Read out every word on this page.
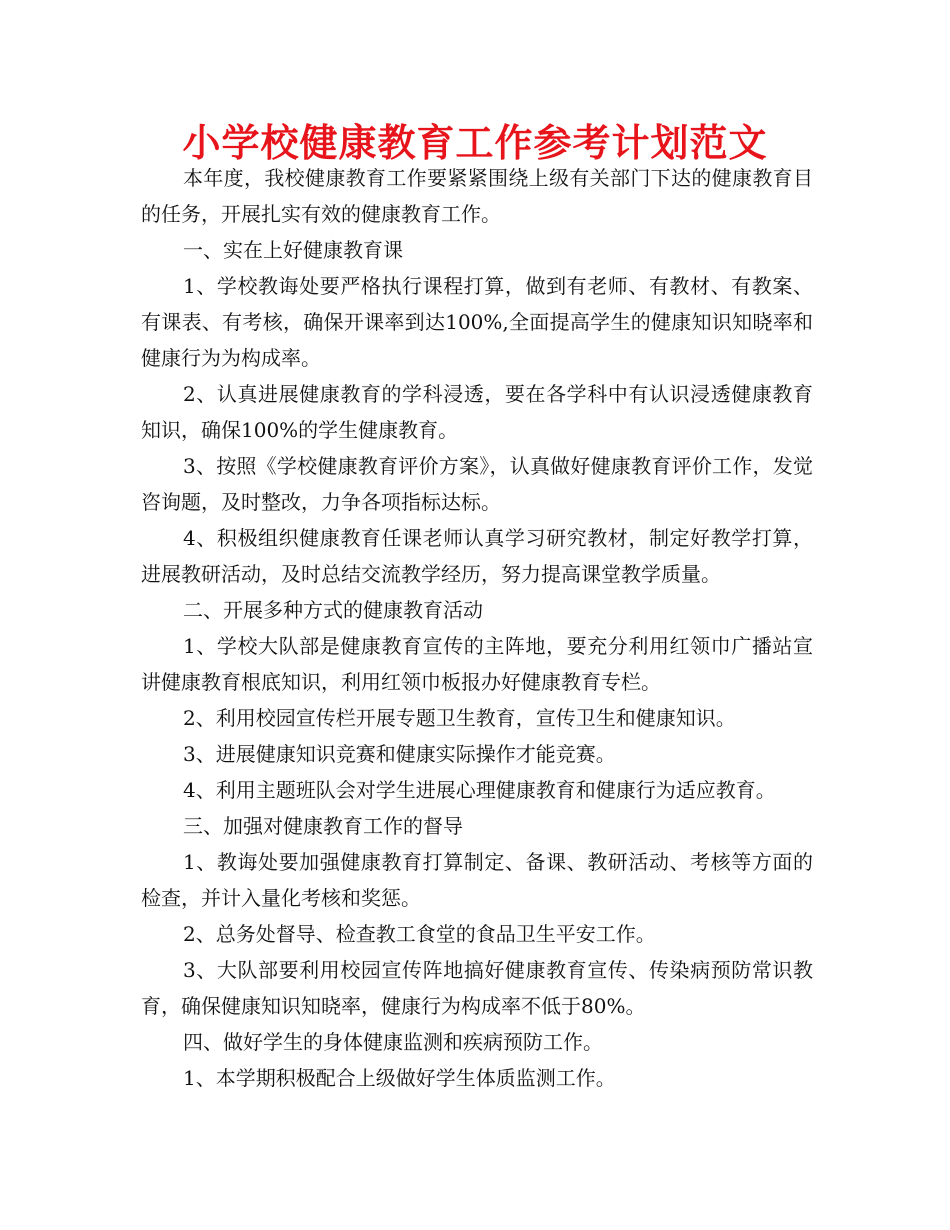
小学校健康教育工作参考计划范文

本年度，我校健康教育工作要紧紧围绕上级有关部门下达的健康教育目的任务，开展扎实有效的健康教育工作。

一、实在上好健康教育课

1、学校教诲处要严格执行课程打算，做到有老师、有教材、有教案、有课表、有考核，确保开课率到达100%,全面提高学生的健康知识知晓率和健康行为为构成率。

2、认真进展健康教育的学科浸透，要在各学科中有认识浸透健康教育知识，确保100%的学生健康教育。

3、按照《学校健康教育评价方案》，认真做好健康教育评价工作，发觉咨询题，及时整改，力争各项指标达标。

4、积极组织健康教育任课老师认真学习研究教材，制定好教学打算，进展教研活动，及时总结交流教学经历，努力提高课堂教学质量。

二、开展多种方式的健康教育活动

1、学校大队部是健康教育宣传的主阵地，要充分利用红领巾广播站宣讲健康教育根底知识，利用红领巾板报办好健康教育专栏。

2、利用校园宣传栏开展专题卫生教育，宣传卫生和健康知识。

3、进展健康知识竞赛和健康实际操作才能竞赛。

4、利用主题班队会对学生进展心理健康教育和健康行为适应教育。

三、加强对健康教育工作的督导

1、教诲处要加强健康教育打算制定、备课、教研活动、考核等方面的检查，并计入量化考核和奖惩。

2、总务处督导、检查教工食堂的食品卫生平安工作。

3、大队部要利用校园宣传阵地搞好健康教育宣传、传染病预防常识教育，确保健康知识知晓率，健康行为构成率不低于80%。

四、做好学生的身体健康监测和疾病预防工作。

1、本学期积极配合上级做好学生体质监测工作。
